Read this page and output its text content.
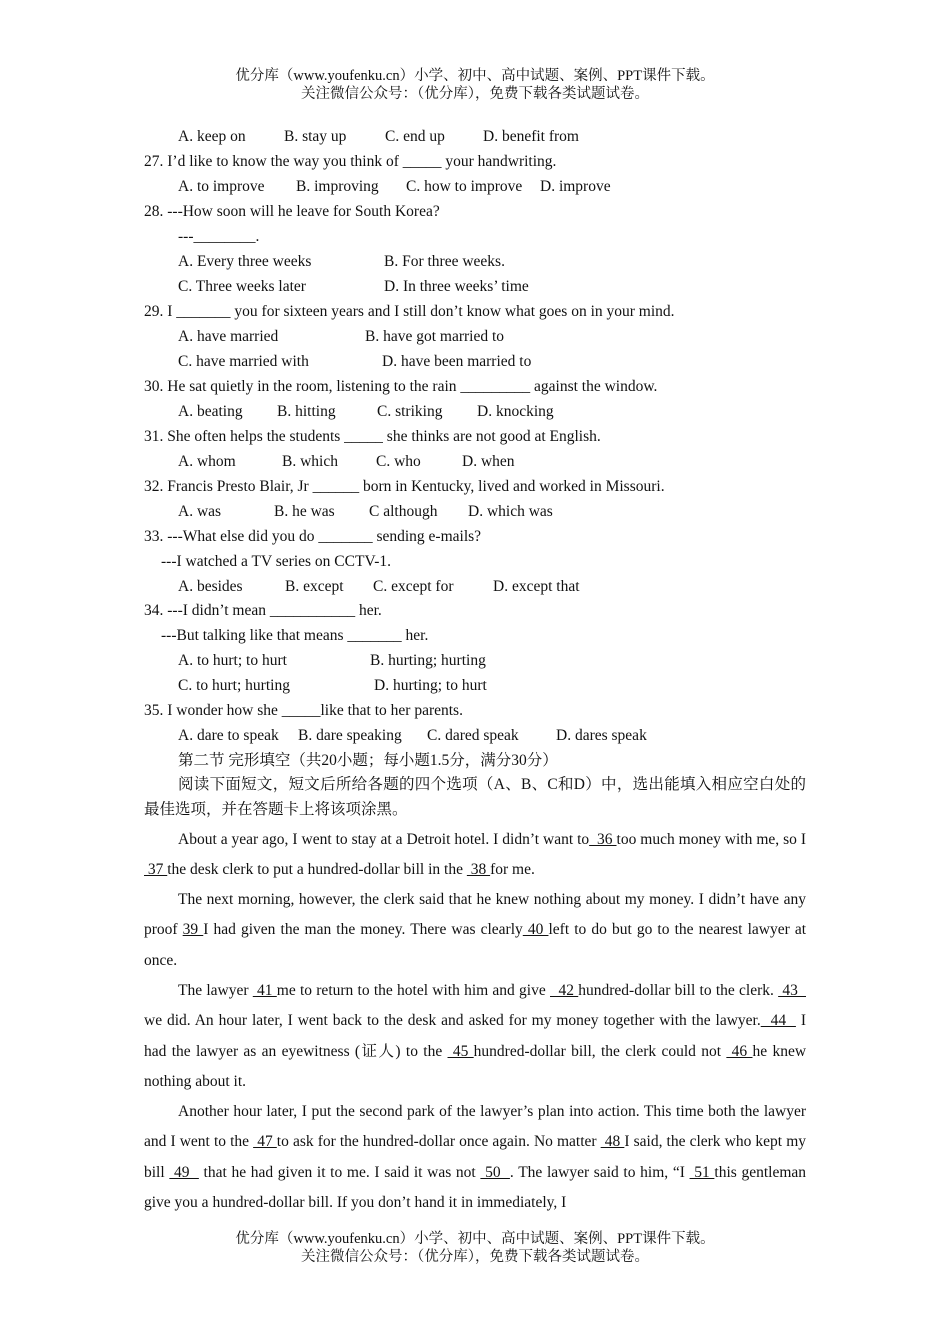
优分库（www.youfenku.cn）小学、初中、高中试题、案例、PPT课件下载。
关注微信公众号：（优分库），免费下载各类试题试卷。
A. keep on B. stay up C. end up D. benefit from
27. I’d like to know the way you think of _____ your handwriting.
A. to improve B. improving C. how to improve D. improve
28. ---How soon will he leave for South Korea?
---________.
A. Every three weeks	B. For three weeks.
C. Three weeks later	D. In three weeks’ time
29. I _______ you for sixteen years and I still don’t know what goes on in your mind.
A. have married	B. have got married to
C. have married with	D. have been married to
30. He sat quietly in the room, listening to the rain _________ against the window.
A. beating B. hitting	C. striking D. knocking
31. She often helps the students _____ she thinks are not good at English.
A. whom	B. which C. who	D. when
32. Francis Presto Blair, Jr ______ born in Kentucky, lived and worked in Missouri.
A. was	B. he was C although D. which was
33. ---What else did you do _______ sending e-mails?
---I watched a TV series on CCTV-1.
A. besides	B. except C. except for	D. except that
34. ---I didn’t mean ___________ her.
---But talking like that means _______ her.
A. to hurt; to hurt	B. hurting; hurting
C. to hurt; hurting	D. hurting; to hurt
35. I wonder how she _____like that to her parents.
A. dare to speak B. dare speaking C. dared speak D. dares speak
第二节 完形填空（共20小题；每小题1.5分，满分30分）
阅读下面短文，短文后所给各题的四个选项（A、B、C和D）中，选出能填入相应空白处的最佳选项，并在答题卡上将该项涂黑。

About a year ago, I went to stay at a Detroit hotel. I didn’t want to  36 too much money with me, so I  37 the desk clerk to put a hundred-dollar bill in the  38 for me.

The next morning, however, the clerk said that he knew nothing about my money. I didn’t have any proof 39 I had given the man the money. There was clearly 40 left to do but go to the nearest lawyer at once.

The lawyer  41 me to return to the hotel with him and give   42 hundred-dollar bill to the clerk.  43   we did. An hour later, I went back to the desk and asked for my money together with the lawyer.  44   I had the lawyer as an eyewitness (证人) to the  45 hundred-dollar bill, the clerk could not  46 he knew nothing about it.

Another hour later, I put the second park of the lawyer’s plan into action. This time both the lawyer and I went to the  47 to ask for the hundred-dollar once again. No matter  48 I said, the clerk who kept my bill  49   that he had given it to me. I said it was not  50  . The lawyer said to him, “I  51 this gentleman give you a hundred-dollar bill. If you don’t hand it in immediately, I

优分库（www.youfenku.cn）小学、初中、高中试题、案例、PPT课件下载。
关注微信公众号：（优分库），免费下载各类试题试卷。
